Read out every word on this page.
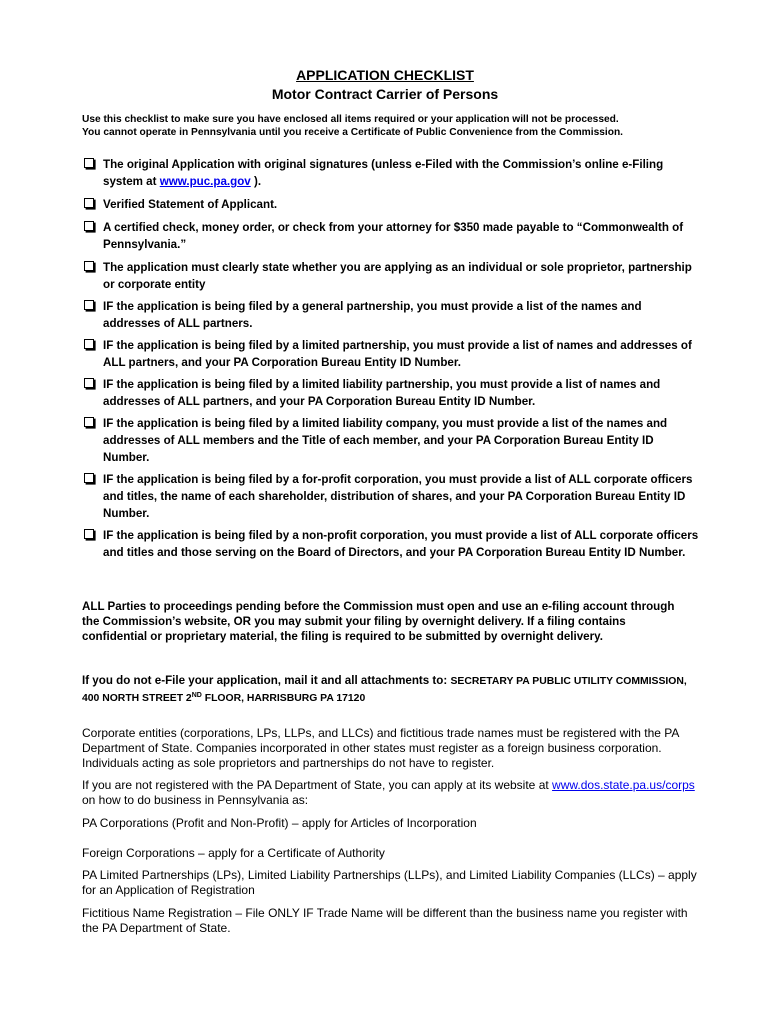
APPLICATION CHECKLIST
Motor Contract Carrier of Persons
Use this checklist to make sure you have enclosed all items required or your application will not be processed.
You cannot operate in Pennsylvania until you receive a Certificate of Public Convenience from the Commission.
The original Application with original signatures (unless e-Filed with the Commission’s online e-Filing system at www.puc.pa.gov ).
Verified Statement of Applicant.
A certified check, money order, or check from your attorney for $350 made payable to “Commonwealth of Pennsylvania.”
The application must clearly state whether you are applying as an individual or sole proprietor, partnership or corporate entity
IF the application is being filed by a general partnership, you must provide a list of the names and addresses of ALL partners.
IF the application is being filed by a limited partnership, you must provide a list of names and addresses of ALL partners, and your PA Corporation Bureau Entity ID Number.
IF the application is being filed by a limited liability partnership, you must provide a list of names and addresses of ALL partners, and your PA Corporation Bureau Entity ID Number.
IF the application is being filed by a limited liability company, you must provide a list of the names and addresses of ALL members and the Title of each member, and your PA Corporation Bureau Entity ID Number.
IF the application is being filed by a for-profit corporation, you must provide a list of ALL corporate officers and titles, the name of each shareholder, distribution of shares, and your PA Corporation Bureau Entity ID Number.
IF the application is being filed by a non-profit corporation, you must provide a list of ALL corporate officers and titles and those serving on the Board of Directors, and your PA Corporation Bureau Entity ID Number.
ALL Parties to proceedings pending before the Commission must open and use an e-filing account through the Commission’s website, OR you may submit your filing by overnight delivery. If a filing contains confidential or proprietary material, the filing is required to be submitted by overnight delivery.
If you do not e-File your application, mail it and all attachments to: SECRETARY PA PUBLIC UTILITY COMMISSION, 400 NORTH STREET 2ND FLOOR, HARRISBURG PA 17120
Corporate entities (corporations, LPs, LLPs, and LLCs) and fictitious trade names must be registered with the PA Department of State. Companies incorporated in other states must register as a foreign business corporation. Individuals acting as sole proprietors and partnerships do not have to register.
If you are not registered with the PA Department of State, you can apply at its website at www.dos.state.pa.us/corps on how to do business in Pennsylvania as:
PA Corporations (Profit and Non-Profit) – apply for Articles of Incorporation
Foreign Corporations – apply for a Certificate of Authority
PA Limited Partnerships (LPs), Limited Liability Partnerships (LLPs), and Limited Liability Companies (LLCs) – apply for an Application of Registration
Fictitious Name Registration – File ONLY IF Trade Name will be different than the business name you register with the PA Department of State.
